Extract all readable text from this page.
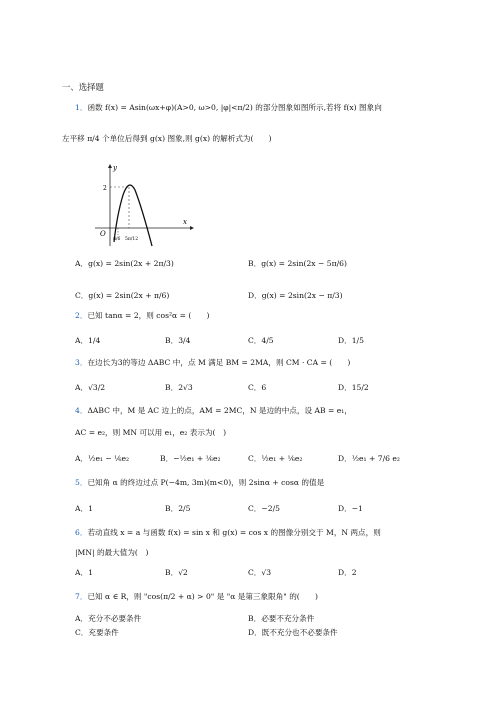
一、选择题
1．函数 f(x) = Asin(ωx+φ)(A>0, ω>0, |φ|<π/2) 的部分图象如图所示,若将 f(x) 图象向
左平移 π/4 个单位后得到 g(x) 图象,则 g(x) 的解析式为(　　)
x
y
O
2
π/6 5π/12
A．g(x) = 2sin(2x + 2π/3)	B．g(x) = 2sin(2x − 5π/6)
C．g(x) = 2sin(2x + π/6)	D．g(x) = 2sin(2x − π/3)
2．已知 tanα = 2，则 cos²α = (　　)
A．1/4	B．3/4	C．4/5	D．1/5
3．在边长为3的等边 ΔABC 中，点 M 满足 BM = 2MA，则 CM · CA = (　　)
A．√3/2	B．2√3	C．6	D．15/2
4．ΔABC 中，M 是 AC 边上的点，AM = 2MC，N 是边的中点，设 AB = e₁，
AC = e₂，则 MN 可以用 e₁，e₂ 表示为(　)
A．½e₁ − ⅙e₂	B．−½e₁ + ⅙e₂	C．½e₁ + ⅙e₂	D．½e₁ + 7/6 e₂
5．已知角 α 的终边过点 P(−4m, 3m)(m<0)，则 2sinα + cosα 的值是
A．1	B．2/5	C．−2/5	D．−1
6．若动直线 x = a 与函数 f(x) = sin x 和 g(x) = cos x 的图像分别交于 M，N 两点，则
|MN| 的最大值为(　)
A．1	B．√2	C．√3	D．2
7．已知 α ∈ R，则 "cos(π/2 + α) > 0" 是 "α 是第三象限角" 的(　　)
A．充分不必要条件	B．必要不充分条件
C．充要条件	D．既不充分也不必要条件
